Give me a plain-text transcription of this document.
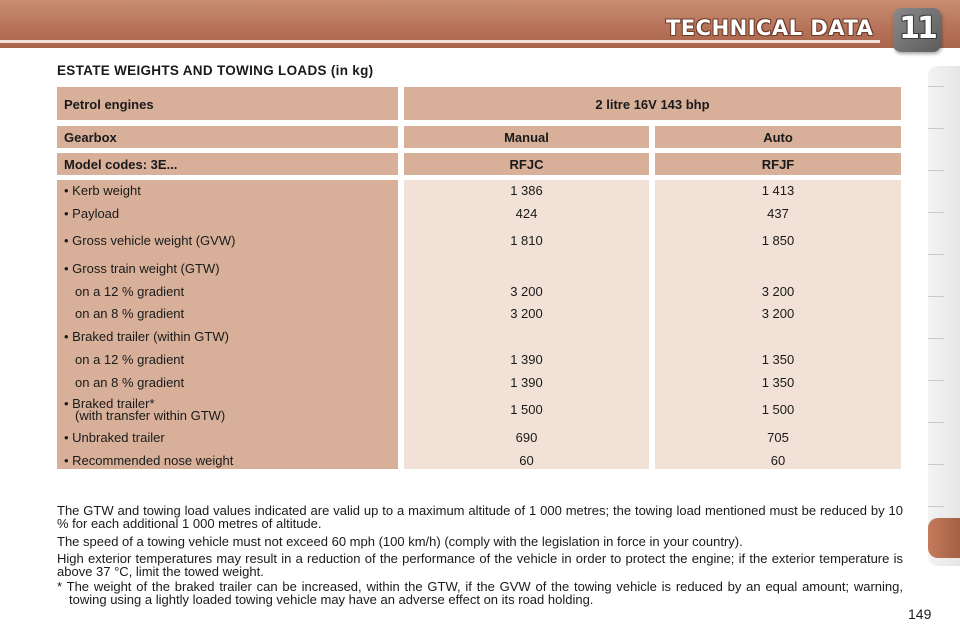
TECHNICAL DATA 11
ESTATE WEIGHTS AND TOWING LOADS (in kg)
Petrol engines	2 litre 16V 143 bhp
Gearbox	Manual	Auto
Model codes: 3E...	RFJC	RFJF
• Kerb weight	1 386	1 413
• Payload	424	437
• Gross vehicle weight (GVW)	1 810	1 850
• Gross train weight (GTW)
on a 12 % gradient	3 200	3 200
on an 8 % gradient	3 200	3 200
• Braked trailer (within GTW)
on a 12 % gradient	1 390	1 350
on an 8 % gradient	1 390	1 350
• Braked trailer*
(with transfer within GTW)	1 500	1 500
• Unbraked trailer	690	705
• Recommended nose weight	60	60
The GTW and towing load values indicated are valid up to a maximum altitude of 1 000 metres; the towing load mentioned must be reduced by 10 % for each additional 1 000 metres of altitude.
The speed of a towing vehicle must not exceed 60 mph (100 km/h) (comply with the legislation in force in your country).
High exterior temperatures may result in a reduction of the performance of the vehicle in order to protect the engine; if the exterior temperature is above 37 °C, limit the towed weight.
* The weight of the braked trailer can be increased, within the GTW, if the GVW of the towing vehicle is reduced by an equal amount; warning, towing using a lightly loaded towing vehicle may have an adverse effect on its road holding.
149
